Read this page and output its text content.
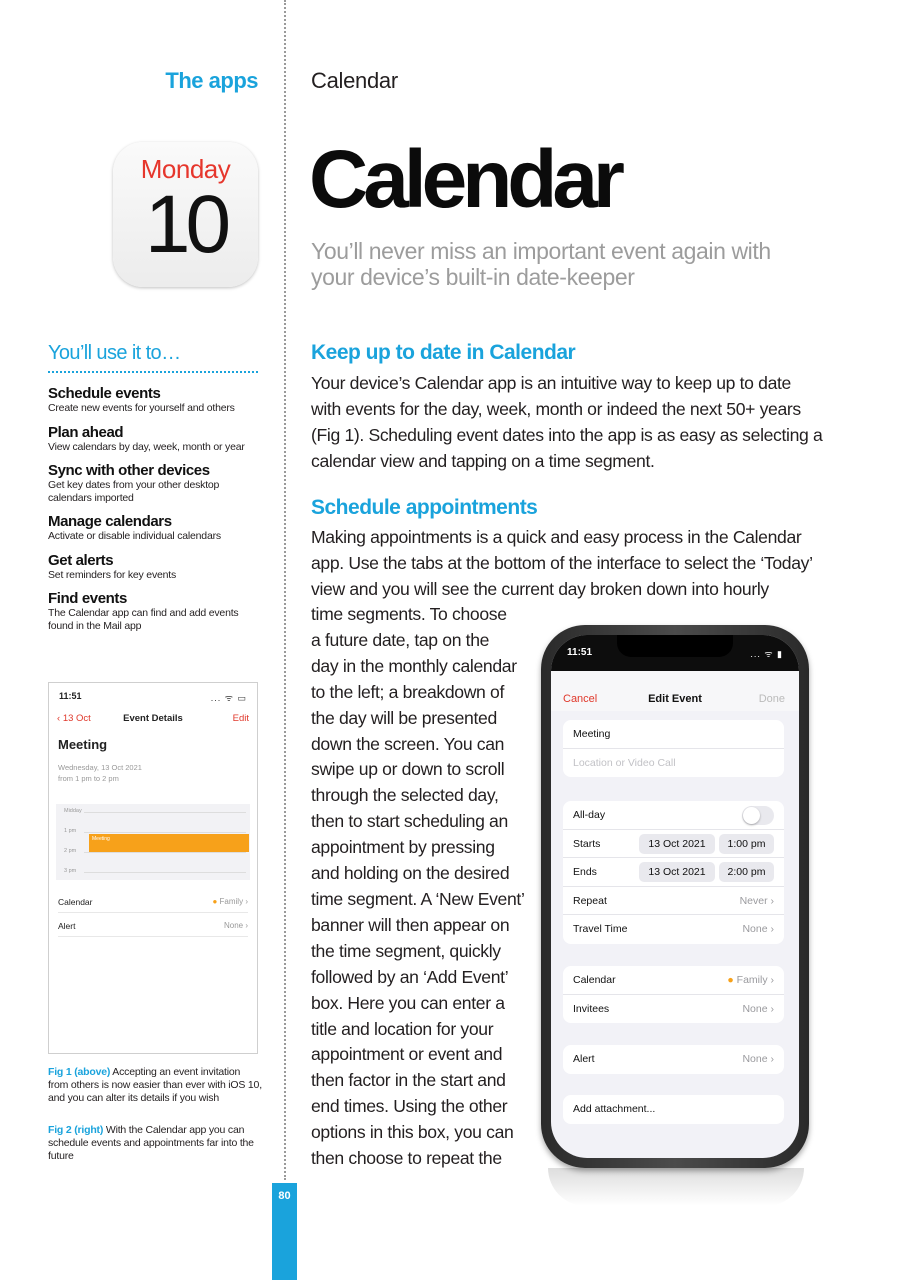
The apps Calendar
Monday
10	Calendar

You’ll never miss an important event again with your device’s built-in date-keeper

You’ll use it to…
Schedule events
Create new events for yourself and others
Plan ahead
View calendars by day, week, month or year
Sync with other devices
Get key dates from your other desktop calendars imported
Manage calendars
Activate or disable individual calendars
Get alerts
Set reminders for key events
Find events
The Calendar app can find and add events found in the Mail app
Keep up to date in Calendar
Your device’s Calendar app is an intuitive way to keep up to date
with events for the day, week, month or indeed the next 50+ years
(Fig 1). Scheduling event dates into the app is as easy as selecting a
calendar view and tapping on a time segment.
Schedule appointments
Making appointments is a quick and easy process in the Calendar
app. Use the tabs at the bottom of the interface to select the ‘Today’
view and you will see the current day broken down into hourly
time segments. To choose
a future date, tap on the
day in the monthly calendar
to the left; a breakdown of
the day will be presented
down the screen. You can
swipe up or down to scroll
through the selected day,
then to start scheduling an
appointment by pressing
and holding on the desired
time segment. A ‘New Event’
banner will then appear on
the time segment, quickly
followed by an ‘Add Event’
box. Here you can enter a
title and location for your
appointment or event and
then factor in the start and
end times. Using the other
options in this box, you can
then choose to repeat the
11:51	... ᯤ ▭
‹ 13 Oct	Event Details	Edit
Meeting
Wednesday, 13 Oct 2021
from 1 pm to 2 pm
Midday
1 pm
2 pm
3 pm
Meeting
Calendar	● Family ›
Alert	None ›

Fig 1 (above) Accepting an event invitation from others is now easier than ever with iOS 10, and you can alter its details if you wish

Fig 2 (right) With the Calendar app you can schedule events and appointments far into the future

80
11:51	... ᯤ ▮
Cancel	Edit Event	Done
Meeting
Location or Video Call
All-day
Starts	13 Oct 2021	1:00 pm
Ends	13 Oct 2021	2:00 pm
Repeat	Never ›
Travel Time	None ›
Calendar	● Family ›
Invitees	None ›
Alert	None ›
Add attachment...
